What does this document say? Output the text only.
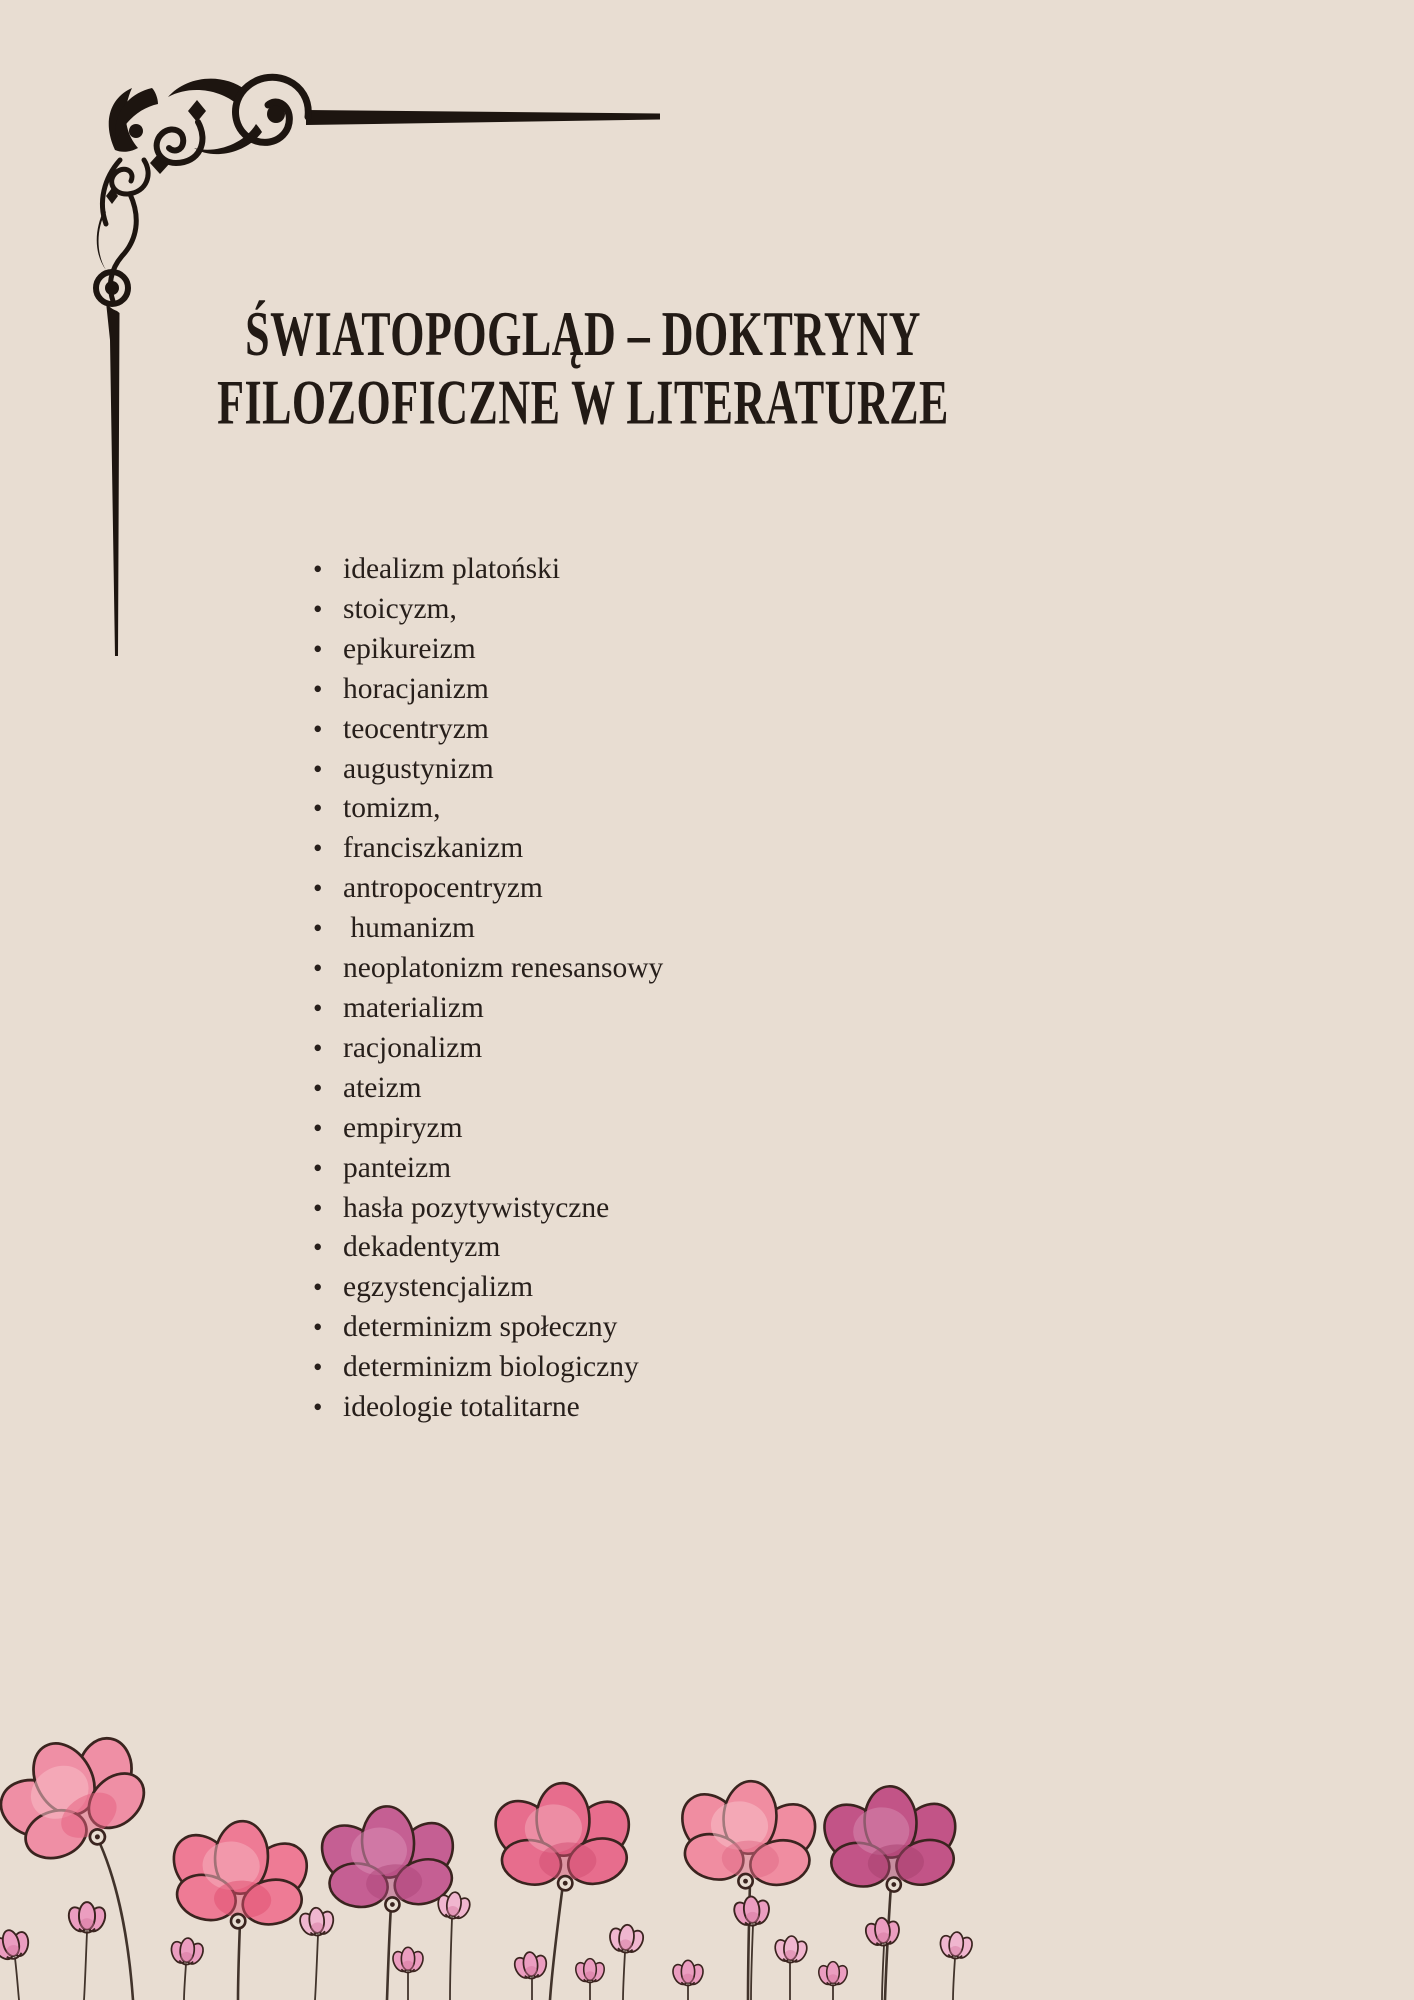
ŚWIATOPOGLĄD – DOKTRYNY
FILOZOFICZNE W LITERATURZE
• idealizm platoński
• stoicyzm,
• epikureizm
• horacjanizm
• teocentryzm
• augustynizm
• tomizm,
• franciszkanizm
• antropocentryzm
• humanizm
• neoplatonizm renesansowy
• materializm
• racjonalizm
• ateizm
• empiryzm
• panteizm
• hasła pozytywistyczne
• dekadentyzm
• egzystencjalizm
• determinizm społeczny
• determinizm biologiczny
• ideologie totalitarne
